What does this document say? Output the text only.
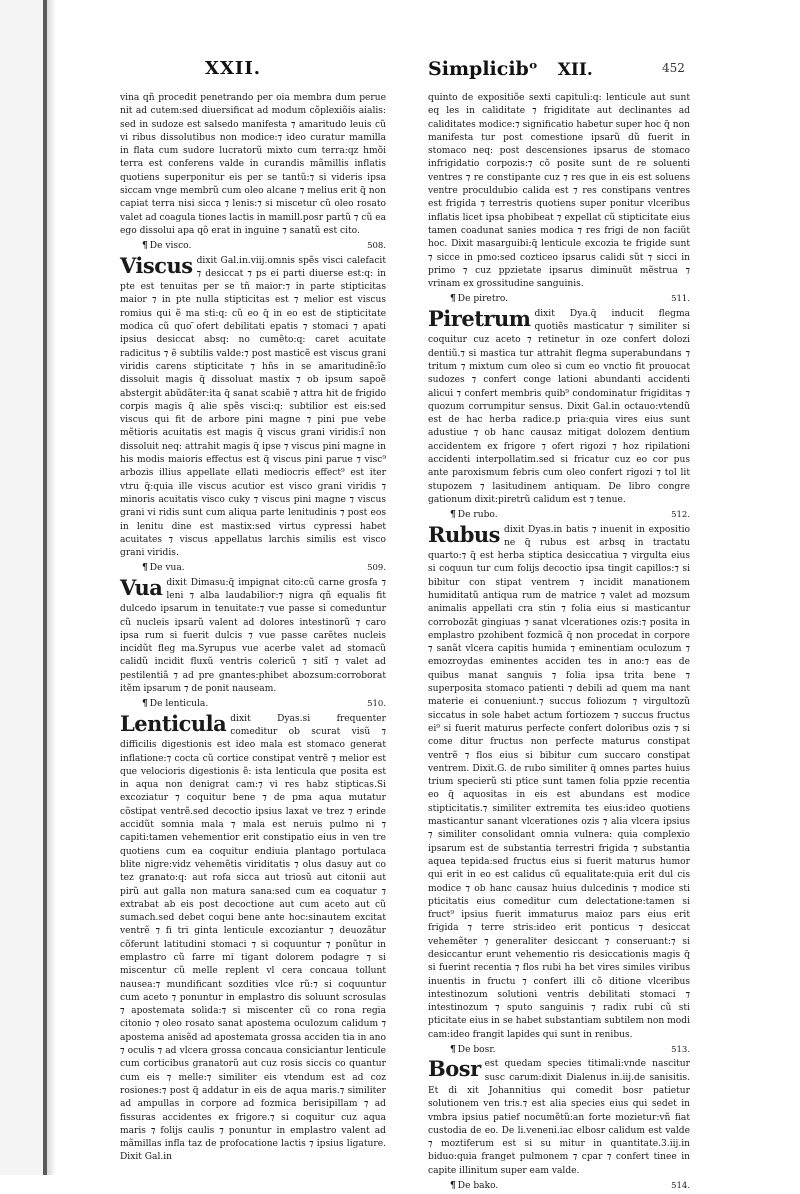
XXII.	Simplicibᵒ XII.	452

vina qñ procedit penetrando per oia membra dum perue nit ad cutem:sed diuersificat ad modum cõplexiõis aialis: sed in sudoze est salsedo manifesta ⁊ amaritudo leuis cũ vi ribus dissolutibus non modice:⁊ ideo curatur mamilla in flata cum sudore lucratorũ mixto cum terra:qz hmõi terra est conferens valde in curandis mãmillis inflatis quotiens superponitur eis per se tantũ:⁊ si videris ipsa siccam vnge membrũ cum oleo alcane ⁊ melius erit q̃ non capiat terra nisi sicca ⁊ lenis:⁊ si miscetur cũ oleo rosato valet ad coagula tiones lactis in mamill.posr partũ ⁊ cũ ea ego dissolui apa qõ erat in inguine ⁊ sanatũ est cito.

¶ De visco.	508.

Viscus dixit Gal.in.viij.omnis spẽs visci calefacit ⁊ desiccat ⁊ ps ei parti diuerse est:q: in pte est tenuitas per se tñ maior:⁊ in parte stipticitas maior ⁊ in pte nulla stipticitas est ⁊ melior est viscus romius qui ẽ ma sti:q: cũ eo q̃ in eo est de stipticitate modica cũ quo ̃ofert debilitati epatis ⁊ stomaci ⁊ apati ipsius desiccat absq: no cumẽto:q: caret acuitate radicitus ⁊ ẽ subtilis valde:⁊ post masticẽ est viscus grani viridis carens stipticitate ⁊ hñs in se amaritudinẽ:ĩo dissoluit magis q̃ dissoluat mastix ⁊ ob ipsum sapoẽ abstergit abũdãter:ita q̃ sanat scabiẽ ⁊ attra hit de frigido corpis magis q̃ alie spẽs visci:q: subtilior est eis:sed viscus qui fit de arbore pini magne ⁊ pini pue vebe mẽtioris acuitatis est magis q̃ viscus grani viridis:ĩ non dissoluit neq: attrahit magis q̃ ipse ⁊ viscus pini magne in his modis maioris effectus est q̃ viscus pini parue ⁊ visc⁹ arbozis illius appellate ellati mediocris effect⁹ est iter vtru q̃:quia ille viscus acutior est visco grani viridis ⁊ minoris acuitatis visco cuky ⁊ viscus pini magne ⁊ viscus grani vi ridis sunt cum aliqua parte lenitudinis ⁊ post eos in lenitu dine est mastix:sed virtus cypressi habet acuitates ⁊ viscus appellatus larchis similis est visco grani viridis.

¶ De vua.	509.

Vua dixit Dimasu:q̃ impignat cito:cũ carne grosfa ⁊ leni ⁊ alba laudabilior:⁊ nigra qñ equalis fit dulcedo ipsarum in tenuitate:⁊ vue passe si comeduntur cũ nucleis ipsarũ valent ad dolores intestinorũ ⁊ caro ipsa rum si fuerit dulcis ⁊ vue passe carẽtes nucleis incidũt fleg ma.Syrupus vue acerbe valet ad stomacũ calidũ incidit fluxũ ventris colericũ ⁊ sitĩ ⁊ valet ad pestilentiã ⁊ ad pre gnantes:phibet abozsum:corroborat itẽm ipsarum ⁊ de ponit nauseam.

¶ De lenticula.	510.

Lenticula dixit Dyas.si frequenter comeditur ob scurat visũ ⁊ difficilis digestionis est ideo mala est stomaco generat inflatione:⁊ cocta cũ cortice constipat ventrẽ ⁊ melior est que velocioris digestionis ẽ: ista lenticula que posita est in aqua non denigrat cam:⁊ vi res habz stipticas.Si excoziatur ⁊ coquitur bene ⁊ de pma aqua mutatur cõstipat ventrẽ.sed decoctio ipsius laxat ve trez ⁊ erinde accidũt somnia mala ⁊ mala est neruis pulmo ni ⁊ capiti:tamen vehementior erit constipatio eius in ven tre quotiens cum ea coquitur endiuia plantago portulaca blite nigre:vidz vehemẽtis viriditatis ⁊ olus dasuy aut co tez granato:q: aut rofa sicca aut triosũ aut citonii aut pirũ aut galla non matura sana:sed cum ea coquatur ⁊ extrabat ab eis post decoctione aut cum aceto aut cũ sumach.sed debet coqui bene ante hoc:sinautem excitat ventrẽ ⁊ fi tri ginta lenticule excoziantur ⁊ deuozãtur cõferunt latitudini stomaci ⁊ si coquuntur ⁊ ponũtur in emplastro cũ farre mi tigant dolorem podagre ⁊ si miscentur cũ melle replent vl cera concaua tollunt nausea:⁊ mundificant sozdities vlce rũ:⁊ si coquuntur cum aceto ⁊ ponuntur in emplastro dis soluunt scrosulas ⁊ apostemata solida:⁊ si miscenter cũ co rona regia citonio ⁊ oleo rosato sanat apostema oculozum calidum ⁊ apostema anisẽd ad apostemata grossa acciden tia in ano ⁊ oculis ⁊ ad vlcera grossa concaua consiciantur lenticule cum corticibus granatorũ aut cuz rosis siccis co quantur cum eis ⁊ melle:⁊ similiter eis vtendum est ad coz rosiones:⁊ post q̃ addatur in eis de aqua maris.⁊ similiter ad ampullas in corpore ad fozmica berisipillam ⁊ ad fissuras accidentes ex frigore.⁊ si coquitur cuz aqua maris ⁊ folijs caulis ⁊ ponuntur in emplastro valent ad mãmillas infla taz de profocatione lactis ⁊ ipsius ligature. Dixit Gal.in

quinto de expositiõe sexti capituli:q: lenticule aut sunt eq les in caliditate ⁊ frigiditate aut declinantes ad caliditates modice:⁊ significatio habetur super hoc q̃ non manifesta tur post comestione ipsarũ dũ fuerit in stomaco neq: post descensiones ipsarus de stomaco infrigidatio corpozis:⁊ cõ posite sunt de re soluenti ventres ⁊ re constipante cuz ⁊ res que in eis est soluens ventre proculdubio calida est ⁊ res constipans ventres est frigida ⁊ terrestris quotiens super ponitur vlceribus inflatis licet ipsa phobibeat ⁊ expellat cũ stipticitate eius tamen coadunat sanies modica ⁊ res frigi de non faciũt hoc. Dixit masarguibi:q̃ lenticule excozia te frigide sunt ⁊ sicce in pmo:sed cozticeo ipsarus calidi sũt ⁊ sicci in primo ⁊ cuz ppzietate ipsarus diminuũt mẽstrua ⁊ vrinam ex grossitudine sanguinis.

¶ De piretro.	511.

Piretrum dixit Dya.q̃ inducit flegma quotiẽs masticatur ⁊ similiter si coquitur cuz aceto ⁊ retinetur in oze confert dolozi dentiũ.⁊ si mastica tur attrahit flegma superabundans ⁊ tritum ⁊ mixtum cum oleo si cum eo vnctio fit prouocat sudozes ⁊ confert conge lationi abundanti accidenti alicui ⁊ confert membris quib⁹ condominatur frigiditas ⁊ quozum corrumpitur sensus. Dixit Gal.in octauo:vtendũ est de hac herba radice.p pria:quia vires eius sunt adustiue ⁊ ob hanc causaz mitigat dolozem dentium accidentem ex frigore ⁊ ofert rigozi ⁊ hoz ripilationi accidenti interpollatim.sed si fricatur cuz eo cor pus ante paroxismum febris cum oleo confert rigozi ⁊ tol lit stupozem ⁊ lasitudinem antiquam. De libro congre gationum dixit:piretrũ calidum est ⁊ tenue.

¶ De rubo.	512.

Rubus dixit Dyas.in batis ⁊ inuenit in expositio ne q̃ rubus est arbsq in tractatu quarto:⁊ q̃ est herba stiptica desiccatiua ⁊ virgulta eius si coquun tur cum folijs decoctio ipsa tingit capillos:⁊ si bibitur con stipat ventrem ⁊ incidit manationem humiditatũ antiqua rum de matrice ⁊ valet ad mozsum animalis appellati cra stin ⁊ folia eius si masticantur corrobozãt gingiuas ⁊ sanat vlcerationes ozis:⁊ posita in emplastro pzohibent fozmicã q̃ non procedat in corpore ⁊ sanãt vlcera capitis humida ⁊ eminentiam oculozum ⁊ emozroydas eminentes acciden tes in ano:⁊ eas de quibus manat sanguis ⁊ folia ipsa trita bene ⁊ superposita stomaco patienti ⁊ debili ad quem ma nant materie ei conueniunt.⁊ succus foliozum ⁊ virgultozũ siccatus in sole habet actum fortiozem ⁊ succus fructus ei⁹ si fuerit maturus perfecte confert doloribus ozis ⁊ si come ditur fructus non perfecte maturus constipat ventrẽ ⁊ flos eius si bibitur cum succaro constipat ventrem. Dixit.G. de rubo similiter q̃ omnes partes huius trium specierũ sti ptice sunt tamen folia ppzie recentia eo q̃ aquositas in eis est abundans est modice stipticitatis.⁊ similiter extremita tes eius:ideo quotiens masticantur sanant vlcerationes ozis ⁊ alia vlcera ipsius ⁊ similiter consolidant omnia vulnera: quia complexio ipsarum est de substantia terrestri frigida ⁊ substantia aquea tepida:sed fructus eius si fuerit maturus humor qui erit in eo est calidus cũ equalitate:quia erit dul cis modice ⁊ ob hanc causaz huius dulcedinis ⁊ modice sti pticitatis eius comeditur cum delectatione:tamen si fruct⁹ ipsius fuerit immaturus maioz pars eius erit frigida ⁊ terre stris:ideo erit ponticus ⁊ desiccat vehemẽter ⁊ generaliter desiccant ⁊ conseruant:⁊ si desiccantur erunt vehementio ris desiccationis magis q̃ si fuerint recentia ⁊ flos rubi ha bet vires similes viribus inuentis in fructu ⁊ confert illi cõ ditione vlceribus intestinozum solutioni ventris debilitati stomaci ⁊ intestinozum ⁊ sputo sanguinis ⁊ radix rubi cũ sti pticitate eius in se habet substantiam subtilem non modi cam:ideo frangit lapides qui sunt in renibus.

¶ De bosr.	513.

Bosr est quedam species titimali:vnde nascitur susc carum:dixit Dialenus in.iij.de sanisitis. Et di xit Johannitius qui comedit bosr patietur solutionem ven tris.⁊ est alia species eius qui sedet in vmbra ipsius patief nocumẽtũ:an forte mozietur:vñ fiat custodia de eo. De li.veneni.iac elbosr calidum est valde ⁊ moztiferum est si su mitur in quantitate.3.iij.in biduo:quia franget pulmonem ⁊ cpar ⁊ confert tinee in capite illinitum super eam valde.

¶ De bako.	514.
